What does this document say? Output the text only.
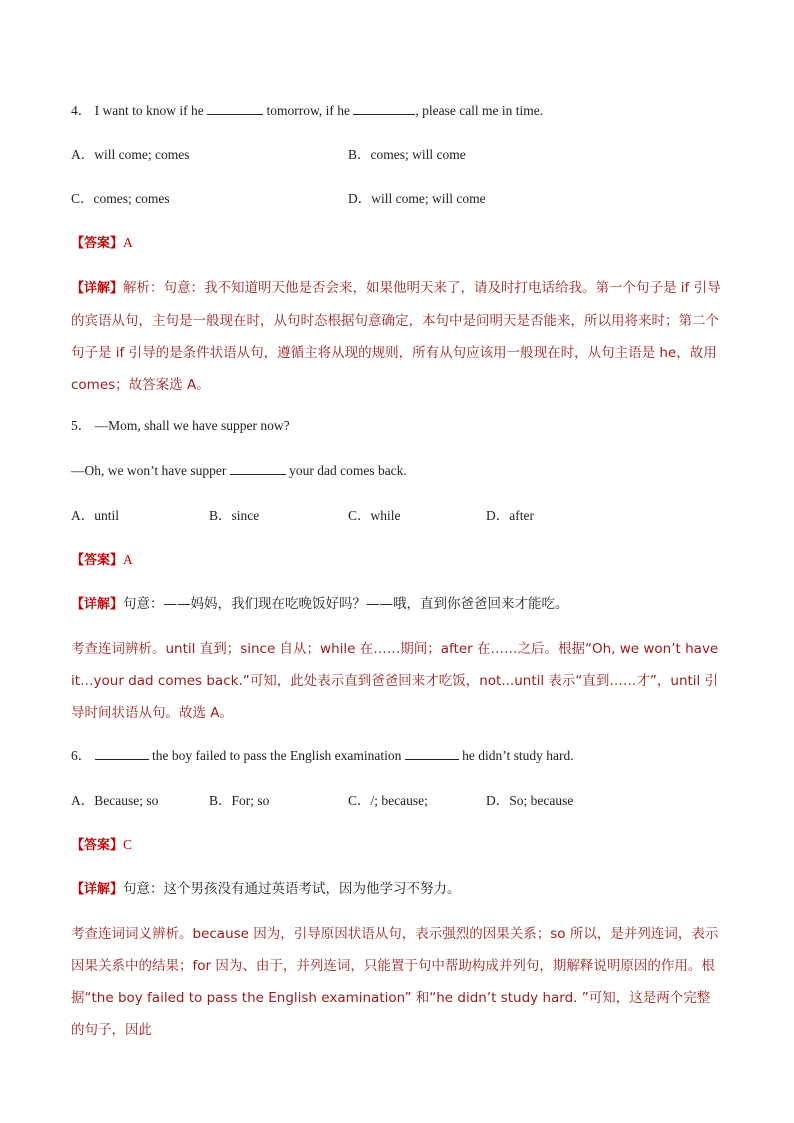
4． I want to know if he	tomorrow, if he	, please call me in time.
A．will come; comes	B．comes; will come
C．comes; comes	D．will come; will come
【答案】A
【详解】解析：句意：我不知道明天他是否会来，如果他明天来了，请及时打电话给我。第一个句子是 if 引导的宾语从句，主句是一般现在时，从句时态根据句意确定，本句中是问明天是否能来，所以用将来时；第二个句子是 if 引导的是条件状语从句，遵循主将从现的规则，所有从句应该用一般现在时，从句主语是 he，故用 comes；故答案选 A。
5． —Mom, shall we have supper now?
—Oh, we won’t have supper	your dad comes back.
A．until	B．since	C．while	D．after
【答案】A
【详解】句意：——妈妈，我们现在吃晚饭好吗？——哦，直到你爸爸回来才能吃。
考查连词辨析。until 直到；since 自从；while 在……期间；after 在……之后。根据“Oh, we won’t have it…your dad comes back.”可知，此处表示直到爸爸回来才吃饭，not...until 表示“直到……才”，until 引导时间状语从句。故选 A。
6．	the boy failed to pass the English examination	he didn’t study hard.
A．Because; so	B．For; so	C．/; because;	D．So; because
【答案】C
【详解】句意：这个男孩没有通过英语考试，因为他学习不努力。
考查连词词义辨析。because 因为，引导原因状语从句，表示强烈的因果关系；so 所以，是并列连词，表示因果关系中的结果；for 因为、由于，并列连词，只能置于句中帮助构成并列句，期解释说明原因的作用。根据“the boy failed to pass the English examination” 和“he didn’t study hard. ”可知，这是两个完整的句子，因此
